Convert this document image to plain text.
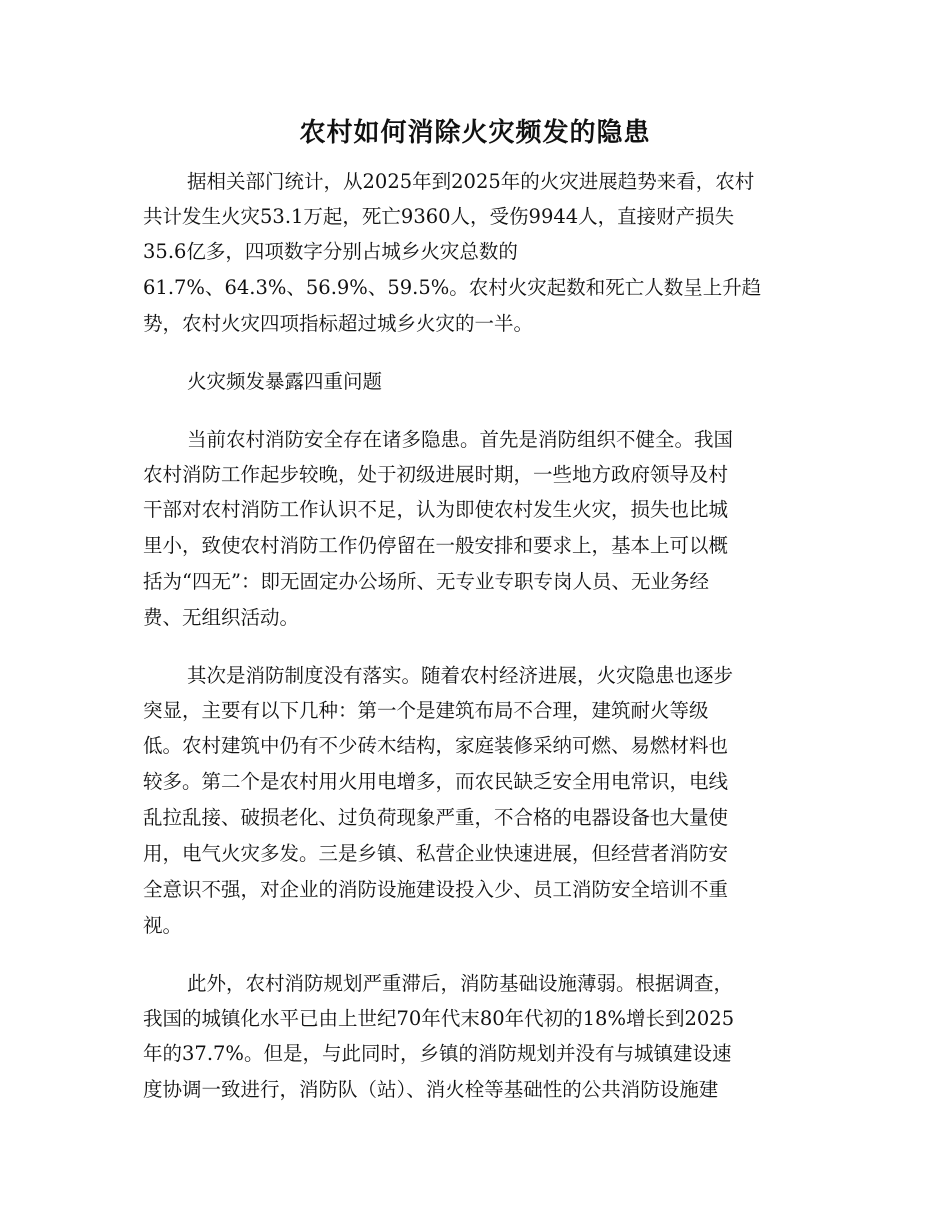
农村如何消除火灾频发的隐患

据相关部门统计，从2025年到2025年的火灾进展趋势来看，农村

共计发生火灾53.1万起，死亡9360人，受伤9944人，直接财产损失

35.6亿多，四项数字分别占城乡火灾总数的

61.7%、64.3%、56.9%、59.5%。农村火灾起数和死亡人数呈上升趋

势，农村火灾四项指标超过城乡火灾的一半。

火灾频发暴露四重问题

当前农村消防安全存在诸多隐患。首先是消防组织不健全。我国

农村消防工作起步较晚，处于初级进展时期，一些地方政府领导及村

干部对农村消防工作认识不足，认为即使农村发生火灾，损失也比城

里小，致使农村消防工作仍停留在一般安排和要求上，基本上可以概

括为“四无”：即无固定办公场所、无专业专职专岗人员、无业务经

费、无组织活动。

其次是消防制度没有落实。随着农村经济进展，火灾隐患也逐步

突显，主要有以下几种：第一个是建筑布局不合理，建筑耐火等级

低。农村建筑中仍有不少砖木结构，家庭装修采纳可燃、易燃材料也

较多。第二个是农村用火用电增多，而农民缺乏安全用电常识，电线

乱拉乱接、破损老化、过负荷现象严重，不合格的电器设备也大量使

用，电气火灾多发。三是乡镇、私营企业快速进展，但经营者消防安

全意识不强，对企业的消防设施建设投入少、员工消防安全培训不重

视。

此外，农村消防规划严重滞后，消防基础设施薄弱。根据调查，

我国的城镇化水平已由上世纪70年代末80年代初的18%增长到2025

年的37.7%。但是，与此同时，乡镇的消防规划并没有与城镇建设速

度协调一致进行，消防队（站）、消火栓等基础性的公共消防设施建
